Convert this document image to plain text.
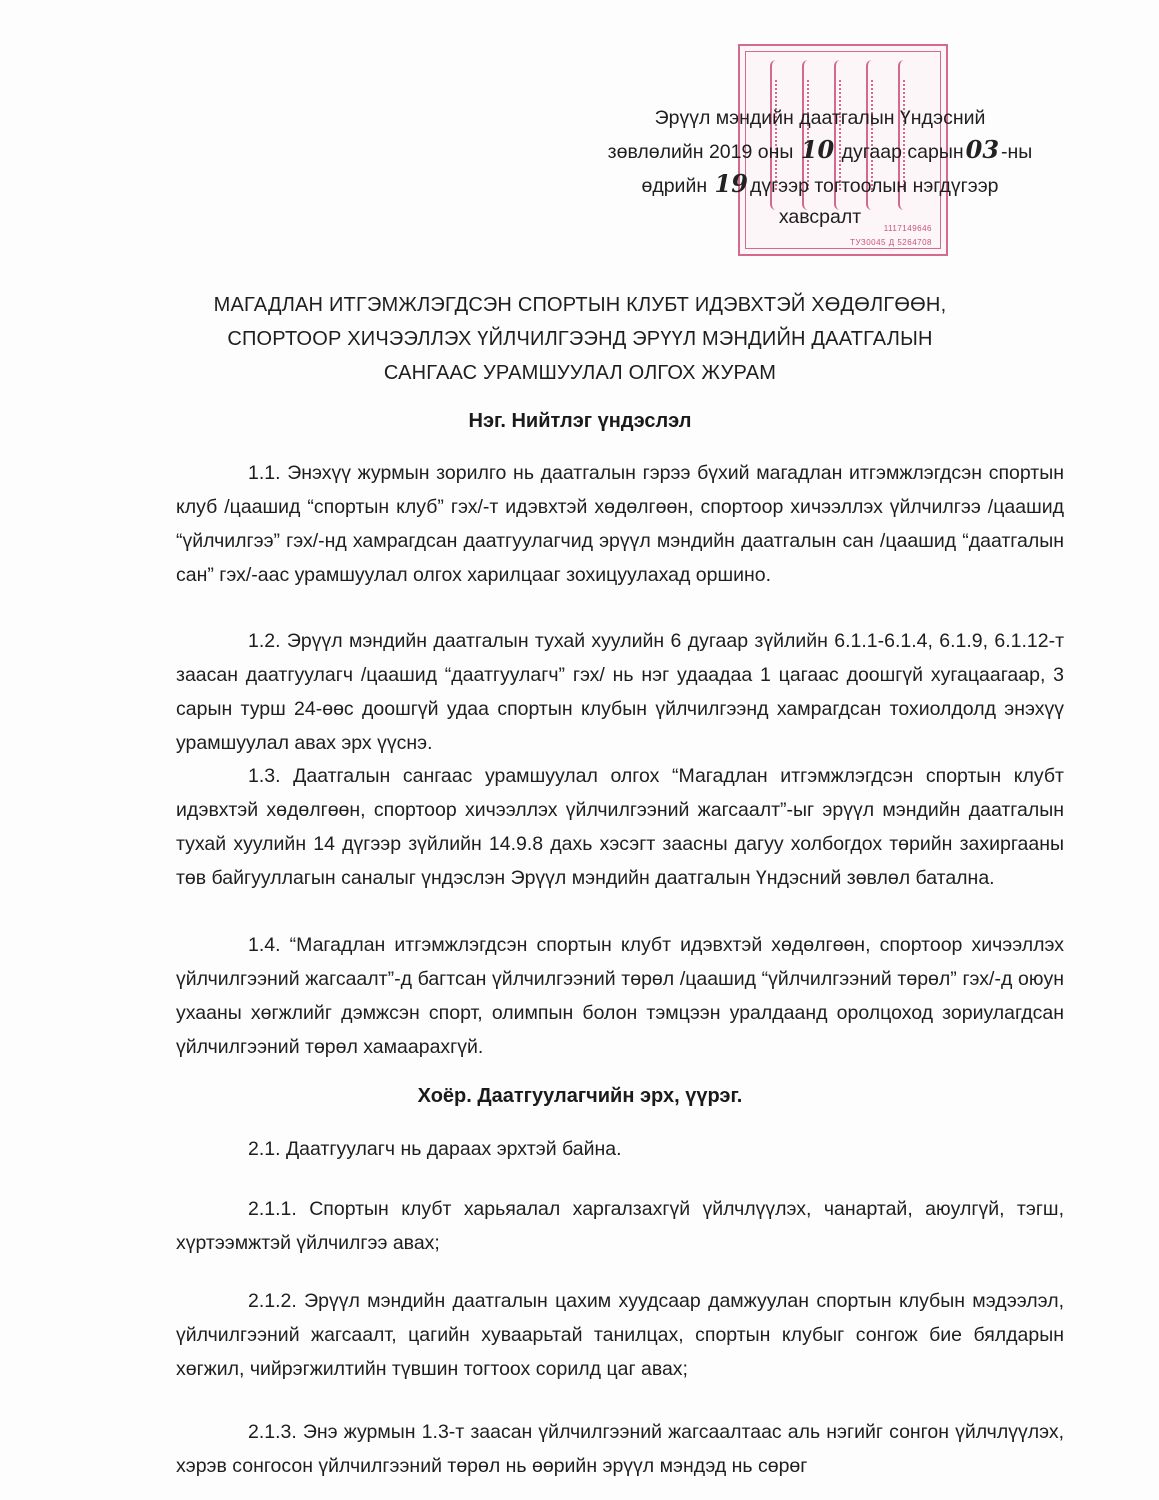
1117149646
ТУЗ0045 Д 5264708
Эрүүл мэндийн даатгалын Үндэсний
зөвлөлийн 2019 оны 10 дугаар сарын03 -ны
өдрийн 19 дүгээр тогтоолын нэгдүгээр
хавсралт
МАГАДЛАН ИТГЭМЖЛЭГДСЭН СПОРТЫН КЛУБТ ИДЭВХТЭЙ ХӨДӨЛГӨӨН,
СПОРТООР ХИЧЭЭЛЛЭХ ҮЙЛЧИЛГЭЭНД ЭРҮҮЛ МЭНДИЙН ДААТГАЛЫН
САНГААС УРАМШУУЛАЛ ОЛГОХ ЖУРАМ
Нэг. Нийтлэг үндэслэл

1.1. Энэхүү журмын зорилго нь даатгалын гэрээ бүхий магадлан итгэмжлэгдсэн спортын клуб /цаашид “спортын клуб” гэх/-т идэвхтэй хөдөлгөөн, спортоор хичээллэх үйлчилгээ /цаашид “үйлчилгээ” гэх/-нд хамрагдсан даатгуулагчид эрүүл мэндийн даатгалын сан /цаашид “даатгалын сан” гэх/-аас урамшуулал олгох харилцааг зохицуулахад оршино.

1.2. Эрүүл мэндийн даатгалын тухай хуулийн 6 дугаар зүйлийн 6.1.1-6.1.4, 6.1.9, 6.1.12-т заасан даатгуулагч /цаашид “даатгуулагч” гэх/ нь нэг удаадаа 1 цагаас доошгүй хугацаагаар, 3 сарын турш 24-өөс доошгүй удаа спортын клубын үйлчилгээнд хамрагдсан тохиолдолд энэхүү урамшуулал авах эрх үүснэ.

1.3. Даатгалын сангаас урамшуулал олгох “Магадлан итгэмжлэгдсэн спортын клубт идэвхтэй хөдөлгөөн, спортоор хичээллэх үйлчилгээний жагсаалт”-ыг эрүүл мэндийн даатгалын тухай хуулийн 14 дүгээр зүйлийн 14.9.8 дахь хэсэгт заасны дагуу холбогдох төрийн захиргааны төв байгууллагын саналыг үндэслэн Эрүүл мэндийн даатгалын Үндэсний зөвлөл батална.

1.4. “Магадлан итгэмжлэгдсэн спортын клубт идэвхтэй хөдөлгөөн, спортоор хичээллэх үйлчилгээний жагсаалт”-д багтсан үйлчилгээний төрөл /цаашид “үйлчилгээний төрөл” гэх/-д оюун ухааны хөгжлийг дэмжсэн спорт, олимпын болон тэмцээн уралдаанд оролцоход зориулагдсан үйлчилгээний төрөл хамаарахгүй.

Хоёр. Даатгуулагчийн эрх, үүрэг.

2.1. Даатгуулагч нь дараах эрхтэй байна.

2.1.1. Спортын клубт харьяалал харгалзахгүй үйлчлүүлэх, чанартай, аюулгүй, тэгш, хүртээмжтэй үйлчилгээ авах;

2.1.2. Эрүүл мэндийн даатгалын цахим хуудсаар дамжуулан спортын клубын мэдээлэл, үйлчилгээний жагсаалт, цагийн хуваарьтай танилцах, спортын клубыг сонгож бие бялдарын хөгжил, чийрэгжилтийн түвшин тогтоох сорилд цаг авах;

2.1.3. Энэ журмын 1.3-т заасан үйлчилгээний жагсаалтаас аль нэгийг сонгон үйлчлүүлэх, хэрэв сонгосон үйлчилгээний төрөл нь өөрийн эрүүл мэндэд нь сөрөг
